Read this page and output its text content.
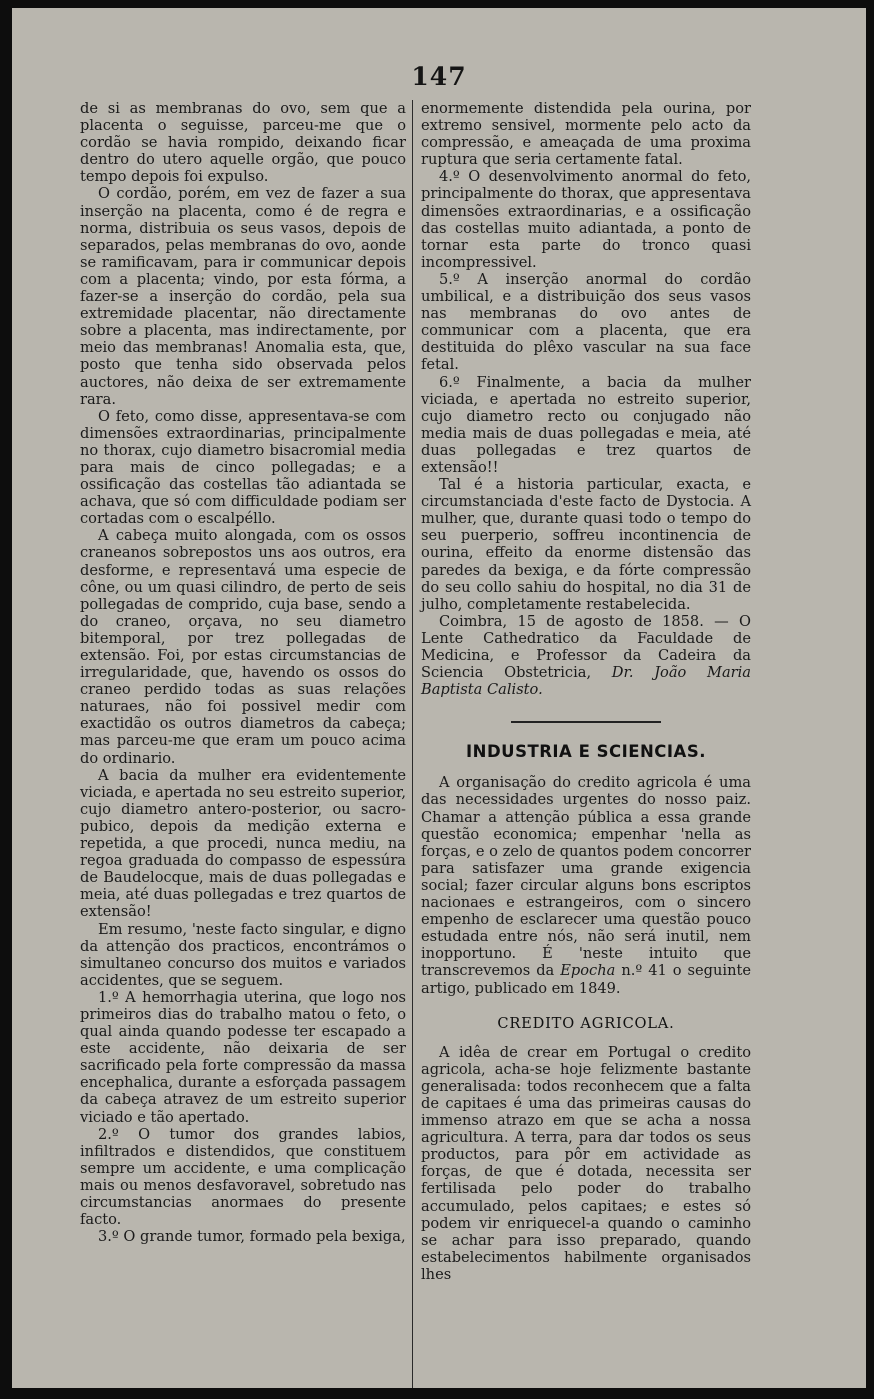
147

de si as membranas do ovo, sem que a placenta o seguisse, parceu-me que o cordão se havia rompido, deixando ficar dentro do utero aquelle orgão, que pouco tempo depois foi expulso.

O cordão, porém, em vez de fazer a sua inserção na placenta, como é de regra e norma, distribuia os seus vasos, depois de separados, pelas membranas do ovo, aonde se ramificavam, para ir communicar depois com a placenta; vindo, por esta fórma, a fazer-se a inserção do cordão, pela sua extremidade placentar, não directamente sobre a placenta, mas indirectamente, por meio das membranas! Anomalia esta, que, posto que tenha sido observada pelos auctores, não deixa de ser extremamente rara.

O feto, como disse, appresentava-se com dimensões extraordinarias, principalmente no thorax, cujo diametro bisacromial media para mais de cinco pollegadas; e a ossificação das costellas tão adiantada se achava, que só com difficuldade podiam ser cortadas com o escalpéllo.

A cabeça muito alongada, com os ossos craneanos sobrepostos uns aos outros, era desforme, e representavá uma especie de cône, ou um quasi cilindro, de perto de seis pollegadas de comprido, cuja base, sendo a do craneo, orçava, no seu diametro bitemporal, por trez pollegadas de extensão. Foi, por estas circumstancias de irregularidade, que, havendo os ossos do craneo perdido todas as suas relações naturaes, não foi possivel medir com exactidão os outros diametros da cabeça; mas parceu-me que eram um pouco acima do ordinario.

A bacia da mulher era evidentemente viciada, e apertada no seu estreito superior, cujo diametro antero-posterior, ou sacro-pubico, depois da medição externa e repetida, a que procedi, nunca mediu, na regoa graduada do compasso de espessúra de Baudelocque, mais de duas pollegadas e meia, até duas pollegadas e trez quartos de extensão!

Em resumo, 'neste facto singular, e digno da attenção dos practicos, encontrámos o simultaneo concurso dos muitos e variados accidentes, que se seguem.

1.º A hemorrhagia uterina, que logo nos primeiros dias do trabalho matou o feto, o qual ainda quando podesse ter escapado a este accidente, não deixaria de ser sacrificado pela forte compressão da massa encephalica, durante a esforçada passagem da cabeça atravez de um estreito superior viciado e tão apertado.

2.º O tumor dos grandes labios, infiltrados e distendidos, que constituem sempre um accidente, e uma complicação mais ou menos desfavoravel, sobretudo nas circumstancias anormaes do presente facto.

3.º O grande tumor, formado pela bexiga,

enormemente distendida pela ourina, por extremo sensivel, mormente pelo acto da compressão, e ameaçada de uma proxima ruptura que seria certamente fatal.

4.º O desenvolvimento anormal do feto, principalmente do thorax, que appresentava dimensões extraordinarias, e a ossificação das costellas muito adiantada, a ponto de tornar esta parte do tronco quasi incompressivel.

5.º A inserção anormal do cordão umbilical, e a distribuição dos seus vasos nas membranas do ovo antes de communicar com a placenta, que era destituida do plêxo vascular na sua face fetal.

6.º Finalmente, a bacia da mulher viciada, e apertada no estreito superior, cujo diametro recto ou conjugado não media mais de duas pollegadas e meia, até duas pollegadas e trez quartos de extensão!!

Tal é a historia particular, exacta, e circumstanciada d'este facto de Dystocia. A mulher, que, durante quasi todo o tempo do seu puerperio, soffreu incontinencia de ourina, effeito da enorme distensão das paredes da bexiga, e da fórte compressão do seu collo sahiu do hospital, no dia 31 de julho, completamente restabelecida.

Coimbra, 15 de agosto de 1858. — O Lente Cathedratico da Faculdade de Medicina, e Professor da Cadeira da Sciencia Obstetricia, Dr. João Maria Baptista Calisto.

INDUSTRIA E SCIENCIAS.

A organisação do credito agricola é uma das necessidades urgentes do nosso paiz. Chamar a attenção pública a essa grande questão economica; empenhar 'nella as forças, e o zelo de quantos podem concorrer para satisfazer uma grande exigencia social; fazer circular alguns bons escriptos nacionaes e estrangeiros, com o sincero empenho de esclarecer uma questão pouco estudada entre nós, não será inutil, nem inopportuno. É 'neste intuito que transcrevemos da Epocha n.º 41 o seguinte artigo, publicado em 1849.

CREDITO AGRICOLA.

A idêa de crear em Portugal o credito agricola, acha-se hoje felizmente bastante generalisada: todos reconhecem que a falta de capitaes é uma das primeiras causas do immenso atrazo em que se acha a nossa agricultura. A terra, para dar todos os seus productos, para pôr em actividade as forças, de que é dotada, necessita ser fertilisada pelo poder do trabalho accumulado, pelos capitaes; e estes só podem vir enriquecel-a quando o caminho se achar para isso preparado, quando estabelecimentos habilmente organisados lhes
